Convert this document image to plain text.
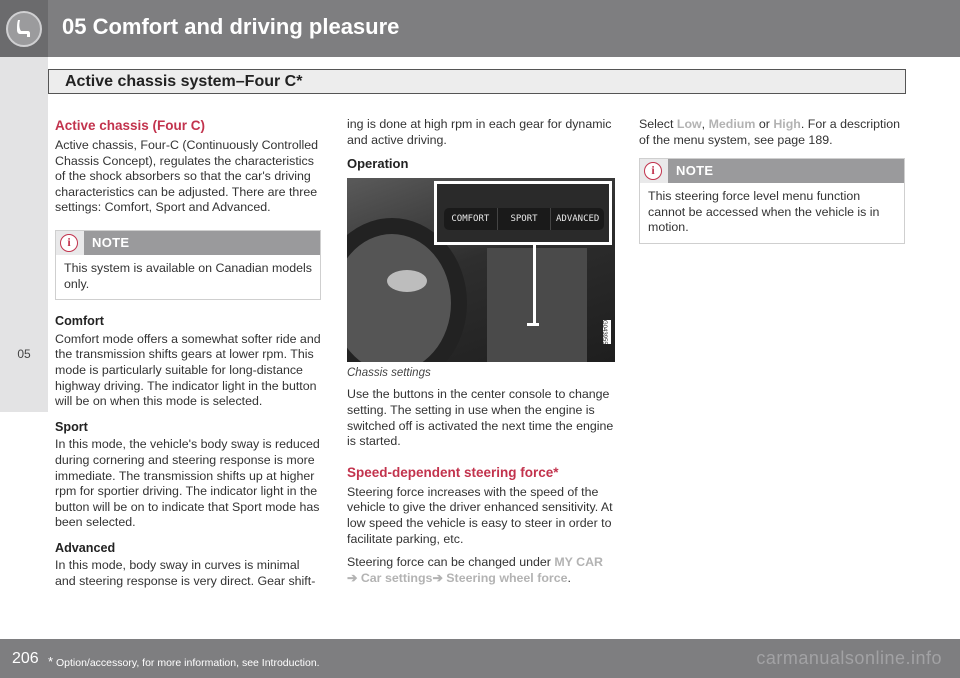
05 Comfort and driving pleasure
Active chassis system–Four C*
05
Active chassis (Four C)

Active chassis, Four-C (Continuously Controlled Chassis Concept), regulates the characteristics of the shock absorbers so that the car's driving characteristics can be adjusted. There are three settings: Comfort, Sport and Advanced.

i	NOTE
This system is available on Canadian models only.
Comfort

Comfort mode offers a somewhat softer ride and the transmission shifts gears at lower rpm. This mode is particularly suitable for long-distance highway driving. The indicator light in the button will be on when this mode is selected.

Sport

In this mode, the vehicle's body sway is reduced during cornering and steering response is more immediate. The transmission shifts up at higher rpm for sportier driving. The indicator light in the button will be on to indicate that Sport mode has been selected.

Advanced

In this mode, body sway in curves is minimal and steering response is very direct. Gear shift-

ing is done at high rpm in each gear for dynamic and active driving.

Operation
COMFORT	SPORT	ADVANCED
G043955
Chassis settings

Use the buttons in the center console to change setting. The setting in use when the engine is switched off is activated the next time the engine is started.

Speed-dependent steering force*

Steering force increases with the speed of the vehicle to give the driver enhanced sensitivity. At low speed the vehicle is easy to steer in order to facilitate parking, etc.

Steering force can be changed under MY CAR ➔ Car settings➔ Steering wheel force.

Select Low, Medium or High. For a description of the menu system, see page 189.

i	NOTE
This steering force level menu function cannot be accessed when the vehicle is in motion.
206 * Option/accessory, for more information, see Introduction.	carmanualsonline.info
